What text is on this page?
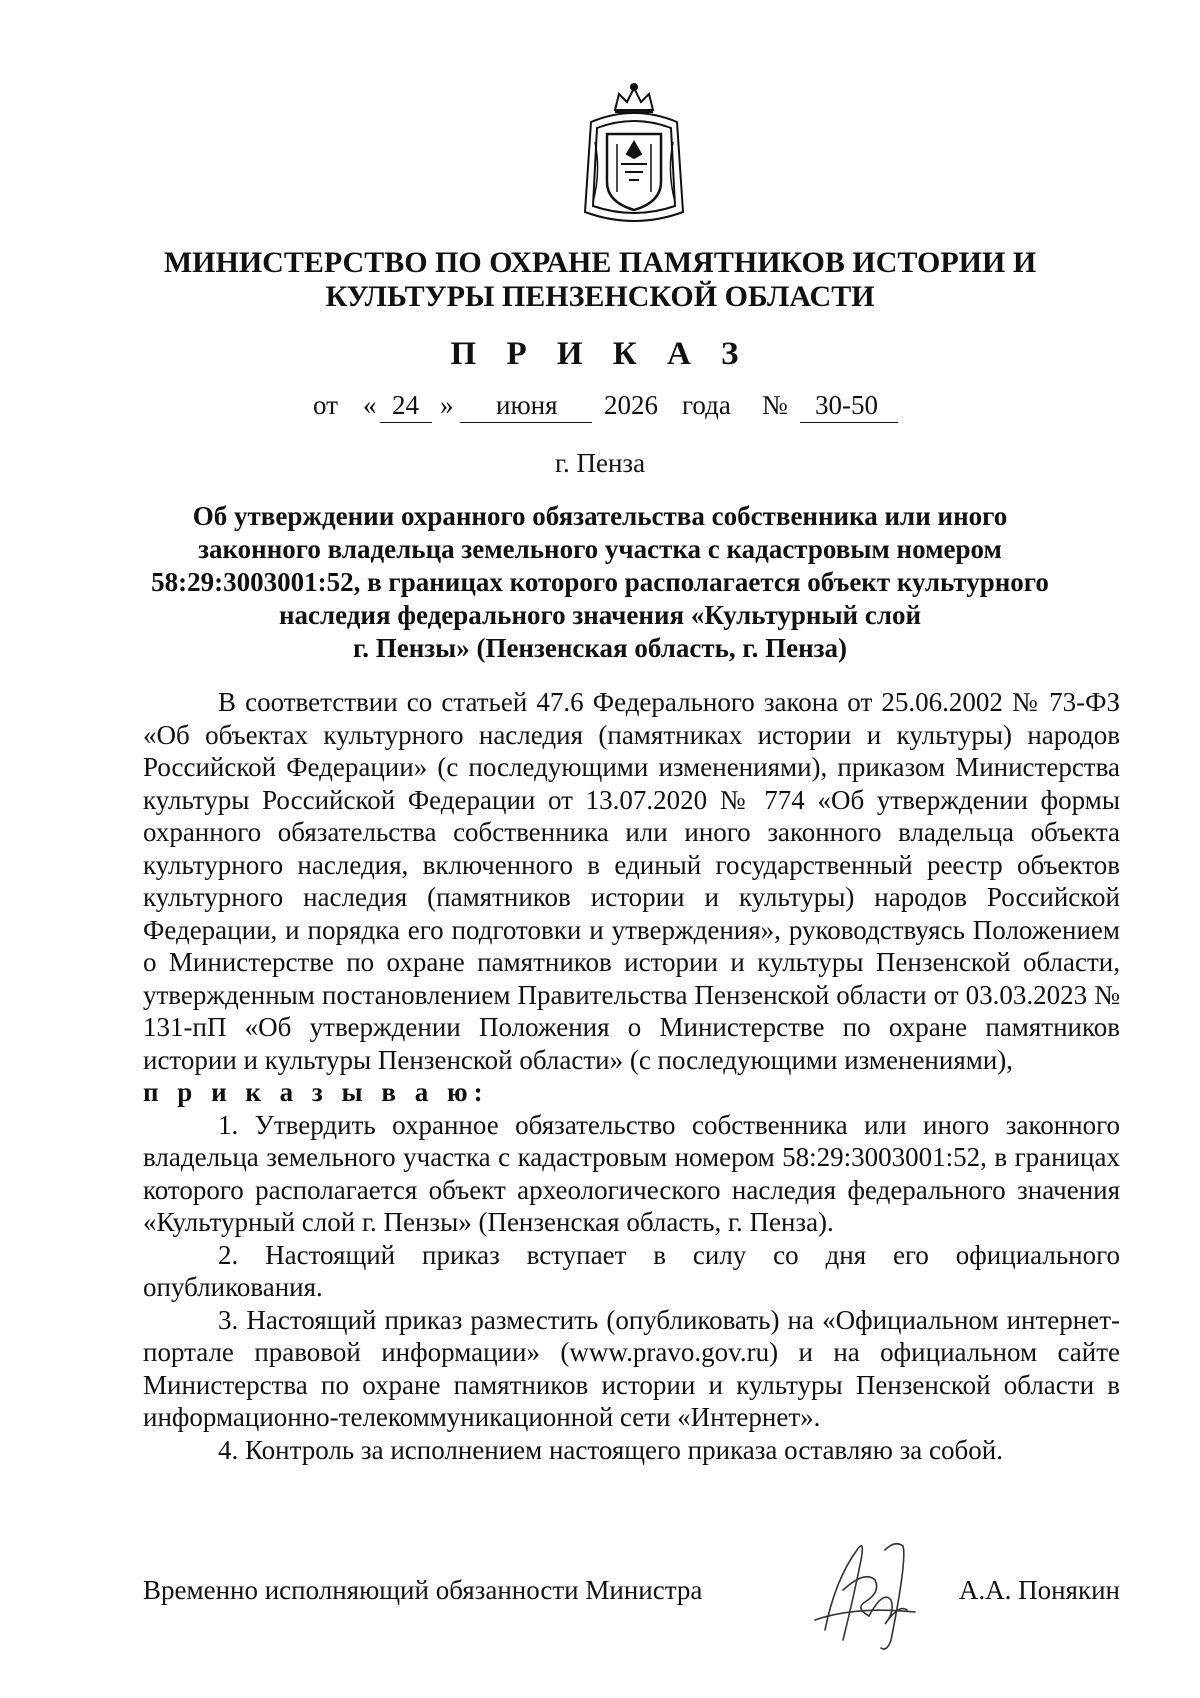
МИНИСТЕРСТВО ПО ОХРАНЕ ПАМЯТНИКОВ ИСТОРИИ И
КУЛЬТУРЫ ПЕНЗЕНСКОЙ ОБЛАСТИ
П Р И К А З
от « 24 » июня 2026 года № 30-50
г. Пенза
Об утверждении охранного обязательства собственника или иного
законного владельца земельного участка с кадастровым номером
58:29:3003001:52, в границах которого располагается объект культурного
наследия федерального значения «Культурный слой
г. Пензы» (Пензенская область, г. Пенза)

В соответствии со статьей 47.6 Федерального закона от 25.06.2002 № 73-ФЗ «Об объектах культурного наследия (памятниках истории и культуры) народов Российской Федерации» (с последующими изменениями), приказом Министерства культуры Российской Федерации от 13.07.2020 № 774 «Об утверждении формы охранного обязательства собственника или иного законного владельца объекта культурного наследия, включенного в единый государственный реестр объектов культурного наследия (памятников истории и культуры) народов Российской Федерации, и порядка его подготовки и утверждения», руководствуясь Положением о Министерстве по охране памятников истории и культуры Пензенской области, утвержденным постановлением Правительства Пензенской области от 03.03.2023 № 131-пП «Об утверждении Положения о Министерстве по охране памятников истории и культуры Пензенской области» (с последующими изменениями),

п р и к а з ы в а ю:

1. Утвердить охранное обязательство собственника или иного законного владельца земельного участка с кадастровым номером 58:29:3003001:52, в границах которого располагается объект археологического наследия федерального значения «Культурный слой г. Пензы» (Пензенская область, г. Пенза).

2. Настоящий приказ вступает в силу со дня его официального опубликования.

3. Настоящий приказ разместить (опубликовать) на «Официальном интернет-портале правовой информации» (www.pravo.gov.ru) и на официальном сайте Министерства по охране памятников истории и культуры Пензенской области в информационно-телекоммуникационной сети «Интернет».

4. Контроль за исполнением настоящего приказа оставляю за собой.

Временно исполняющий обязанности Министра	А.А. Понякин
